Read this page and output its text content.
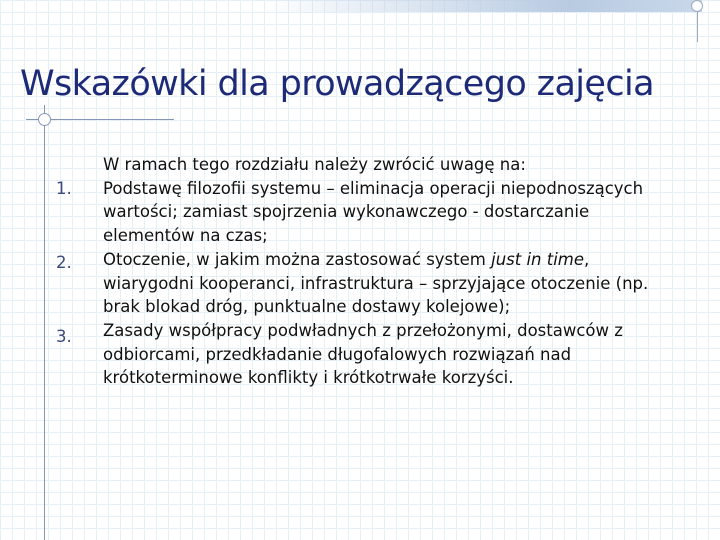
Wskazówki dla prowadzącego zajęcia

W ramach tego rozdziału należy zwrócić uwagę na:

1. Podstawę filozofii systemu – eliminacja operacji niepodnoszących wartości; zamiast spojrzenia wykonawczego - dostarczanie elementów na czas;

2. Otoczenie, w jakim można zastosować system just in time, wiarygodni kooperanci, infrastruktura – sprzyjające otoczenie (np. brak blokad dróg, punktualne dostawy kolejowe);

3. Zasady współpracy podwładnych z przełożonymi, dostawców z odbiorcami, przedkładanie długofalowych rozwiązań nad krótkoterminowe konflikty i krótkotrwałe korzyści.
